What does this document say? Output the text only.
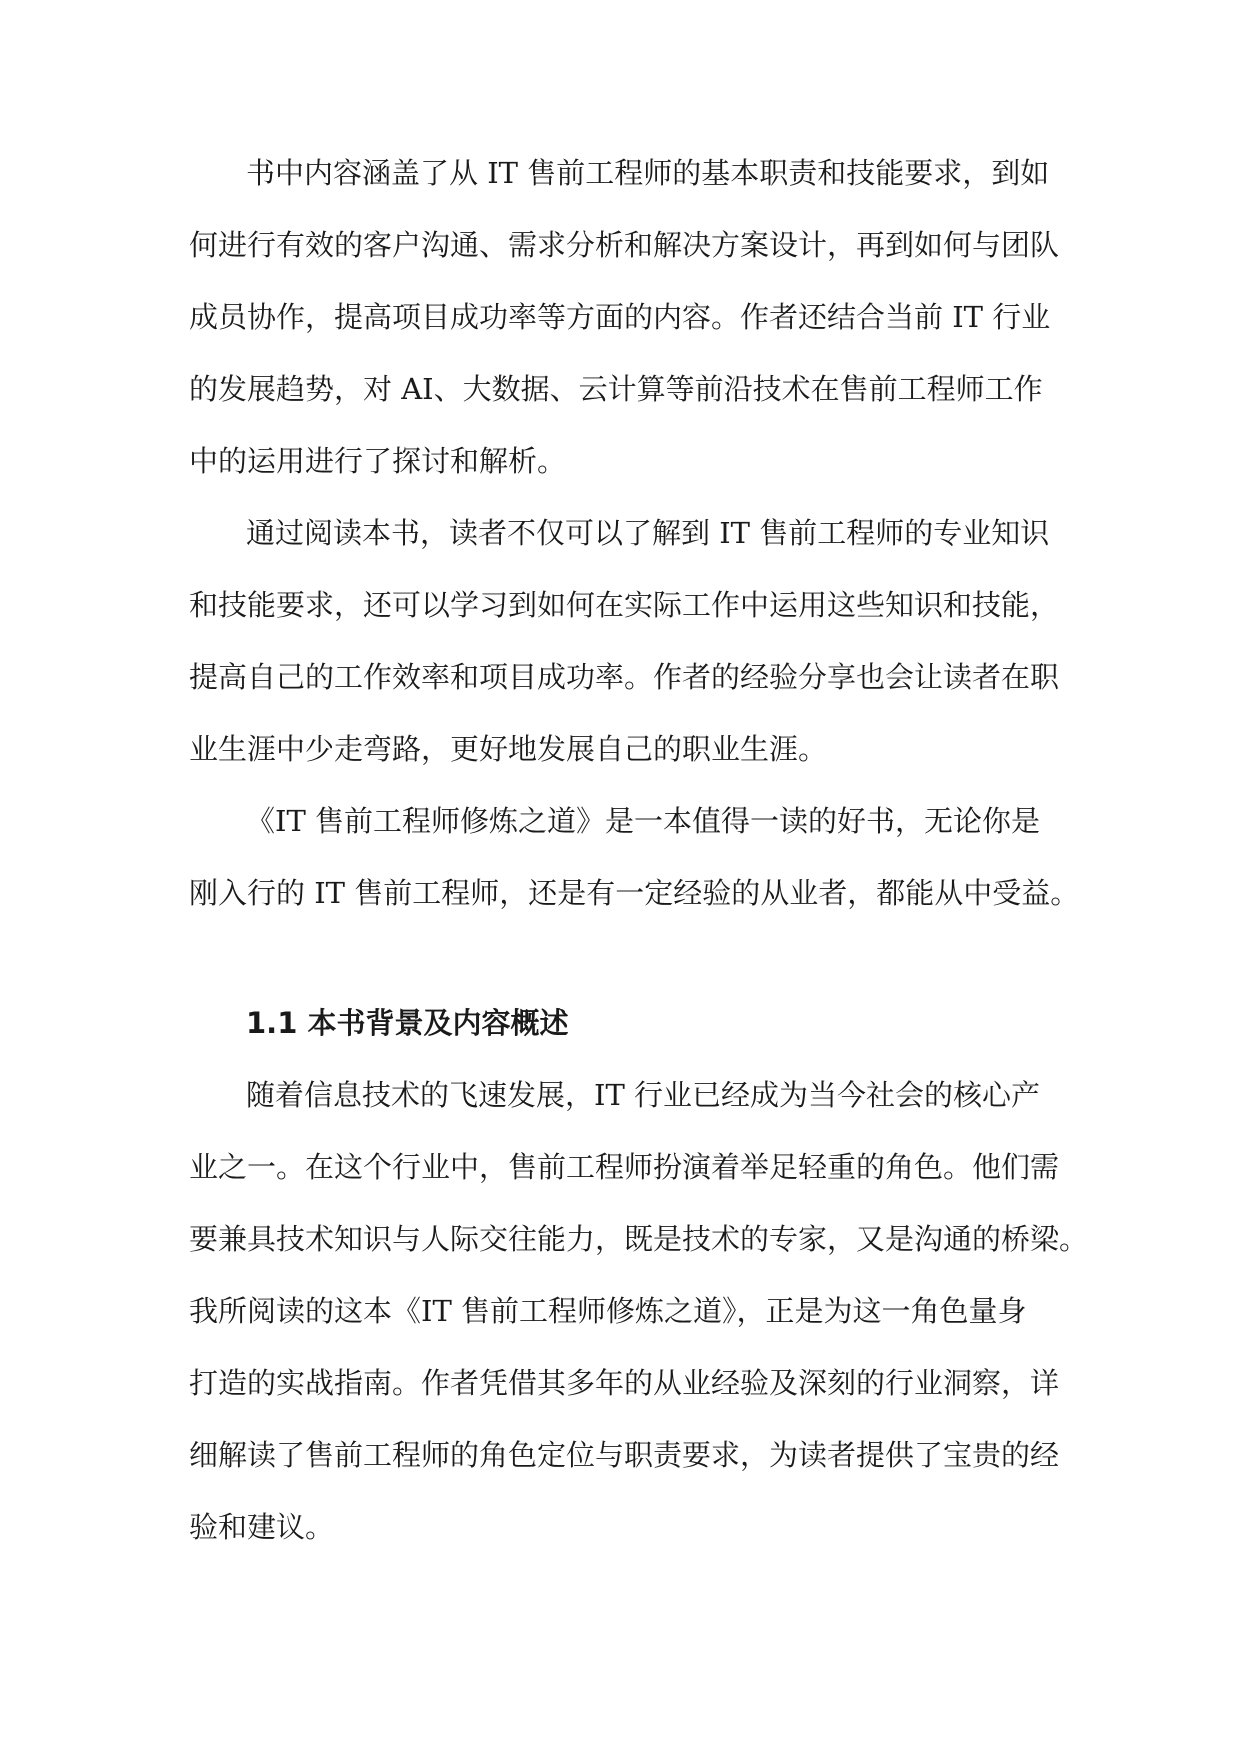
书中内容涵盖了从 IT 售前工程师的基本职责和技能要求，到如
何进行有效的客户沟通、需求分析和解决方案设计，再到如何与团队
成员协作，提高项目成功率等方面的内容。作者还结合当前 IT 行业
的发展趋势，对 AI、大数据、云计算等前沿技术在售前工程师工作
中的运用进行了探讨和解析。
通过阅读本书，读者不仅可以了解到 IT 售前工程师的专业知识
和技能要求，还可以学习到如何在实际工作中运用这些知识和技能，
提高自己的工作效率和项目成功率。作者的经验分享也会让读者在职
业生涯中少走弯路，更好地发展自己的职业生涯。
《IT 售前工程师修炼之道》是一本值得一读的好书，无论你是
刚入行的 IT 售前工程师，还是有一定经验的从业者，都能从中受益。
1.1 本书背景及内容概述
随着信息技术的飞速发展，IT 行业已经成为当今社会的核心产
业之一。在这个行业中，售前工程师扮演着举足轻重的角色。他们需
要兼具技术知识与人际交往能力，既是技术的专家，又是沟通的桥梁。
我所阅读的这本《IT 售前工程师修炼之道》，正是为这一角色量身
打造的实战指南。作者凭借其多年的从业经验及深刻的行业洞察，详
细解读了售前工程师的角色定位与职责要求，为读者提供了宝贵的经
验和建议。
